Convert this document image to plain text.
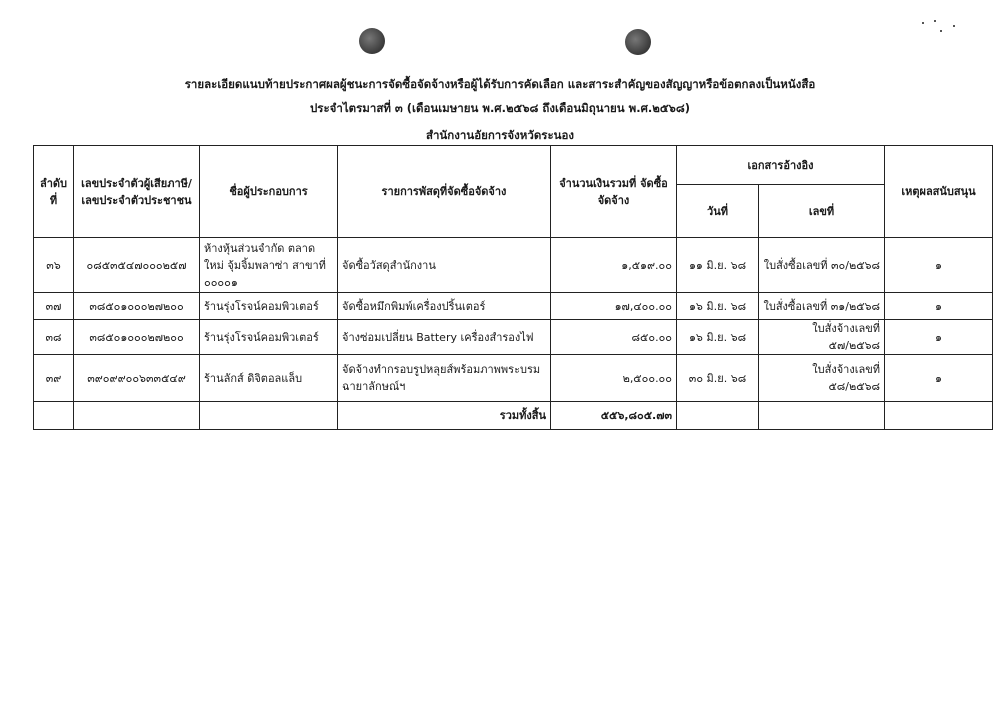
รายละเอียดแนบท้ายประกาศผลผู้ชนะการจัดซื้อจัดจ้างหรือผู้ได้รับการคัดเลือก และสาระสำคัญของสัญญาหรือข้อตกลงเป็นหนังสือ
ประจำไตรมาสที่ ๓ (เดือนเมษายน พ.ศ.๒๕๖๘ ถึงเดือนมิถุนายน พ.ศ.๒๕๖๘)
สำนักงานอัยการจังหวัดระนอง
ลำดับที่	เลขประจำตัวผู้เสียภาษี/ เลขประจำตัวประชาชน	ชื่อผู้ประกอบการ	รายการพัสดุที่จัดซื้อจัดจ้าง	จำนวนเงินรวมที่ จัดซื้อจัดจ้าง	เอกสารอ้างอิง		เหตุผลสนับสนุน
					วันที่	เลขที่	
๓๖	๐๘๕๓๕๔๗๐๐๐๒๕๗	ห้างหุ้นส่วนจำกัด ตลาดใหม่ จุ้มจิ้มพลาซ่า สาขาที่ ๐๐๐๐๑	จัดซื้อวัสดุสำนักงาน	๑,๕๑๙.๐๐	๑๑ มิ.ย. ๖๘	ใบสั่งซื้อเลขที่ ๓๐/๒๕๖๘	๑
๓๗	๓๘๕๐๑๐๐๐๒๗๒๐๐	ร้านรุ่งโรจน์คอมพิวเตอร์	จัดซื้อหมึกพิมพ์เครื่องปริ้นเตอร์	๑๗,๔๐๐.๐๐	๑๖ มิ.ย. ๖๘	ใบสั่งซื้อเลขที่ ๓๑/๒๕๖๘	๑
๓๘	๓๘๕๐๑๐๐๐๒๗๒๐๐	ร้านรุ่งโรจน์คอมพิวเตอร์	จ้างซ่อมเปลี่ยน Battery เครื่องสำรองไฟ	๘๕๐.๐๐	๑๖ มิ.ย. ๖๘	ใบสั่งจ้างเลขที่ ๕๗/๒๕๖๘	๑
๓๙	๓๙๐๙๙๐๐๖๓๓๕๔๙	ร้านลักส์ ดิจิตอลแล็บ	จัดจ้างทำกรอบรูปหลุยส์พร้อมภาพพระบรม ฉายาลักษณ์ฯ	๒,๕๐๐.๐๐	๓๐ มิ.ย. ๖๘	ใบสั่งจ้างเลขที่ ๕๘/๒๕๖๘	๑
			รวมทั้งสิ้น	๕๕๖,๘๐๕.๗๓			
